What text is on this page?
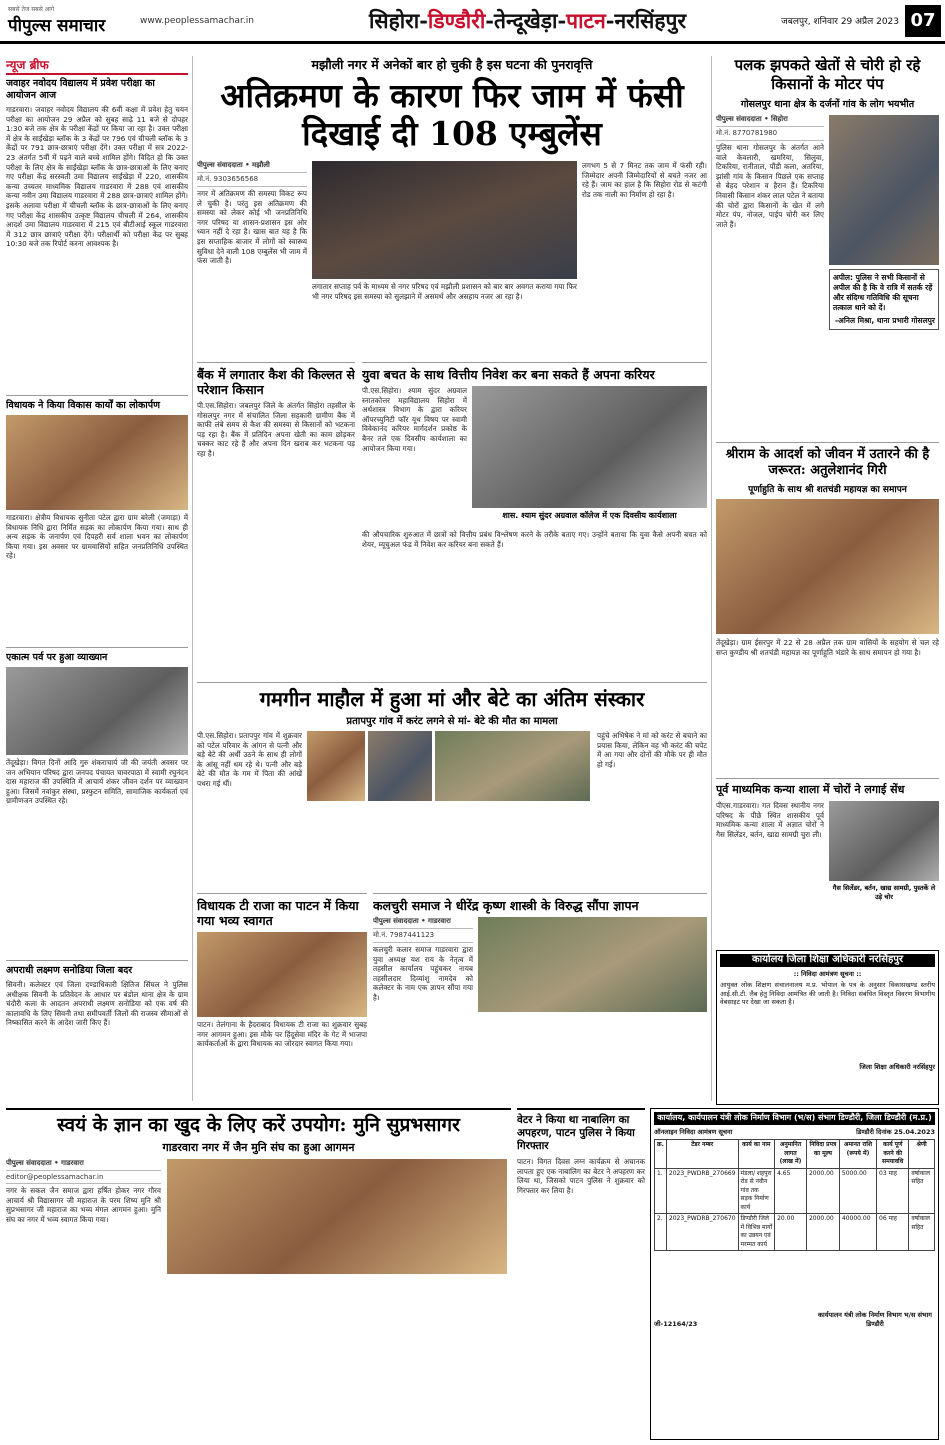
सबसे तेज सबसे आगे
पीपुल्स समाचार	www.peoplessamachar.in	सिहोरा-डिण्डौरी-तेन्दूखेड़ा-पाटन-नरसिंहपुर	जबलपुर, शनिवार 29 अप्रैल 2023 07
न्यूज ब्रीफ
जवाहर नवोदय विद्यालय में प्रवेश परीक्षा का आयोजन आज
गाडरवारा। जवाहर नवोदय विद्यालय की 6वीं कक्षा में प्रवेश हेतु चयन परीक्षा का आयोजन 29 अप्रैल को सुबह साढ़े 11 बजे से दोपहर 1:30 बजे तक क्षेत्र के परीक्षा केंद्रों पर किया जा रहा है। उक्त परीक्षा में क्षेत्र के साईंखेड़ा ब्लॉक के 3 केंद्रों पर 796 एवं चीचली ब्लॉक के 3 केंद्रों पर 791 छात्र-छात्राएं परीक्षा देंगे। उक्त परीक्षा में सत्र 2022-23 अंतर्गत 5वीं में पढ़ने वाले बच्चे शामिल होंगे। विदित हो कि उक्त परीक्षा के लिए क्षेत्र के साईंखेड़ा ब्लॉक के छात्र-छात्राओं के लिए बनाए गए परीक्षा केंद्र सरस्वती उमा विद्यालय साईंखेड़ा में 220, शासकीय कन्या उच्चतर माध्यमिक विद्यालय गाडरवारा में 288 एवं शासकीय कन्या नवीन उमा विद्यालय गाडरवारा में 288 छात्र-छात्राएं शामिल होंगे। इसके अलावा परीक्षा में चीचली ब्लॉक के छात्र-छात्राओं के लिए बनाए गए परीक्षा केंद्र शासकीय उत्कृष्ट विद्यालय चीचली में 264, शासकीय आदर्श उमा विद्यालय गाडरवारा में 215 एवं बीटीआई स्कूल गाडरवारा में 312 छात्र छात्राएं परीक्षा देंगे। परीक्षार्थी को परीक्षा केंद्र पर सुबह 10:30 बजे तक रिपोर्ट करना आवश्यक है।
विधायक ने किया विकास कार्यों का लोकार्पण
गाडरवारा। क्षेत्रीय विधायक सुनीता पटेल द्वारा ग्राम बरेली (जमाड़ा) में विधायक निधि द्वारा निर्मित सड़क का लोकार्पण किया गया। साथ ही अन्य सड़क के जनार्पण एवं दिपहरी सर्व शाला भवन का लोकार्पण किया गया। इस अवसर पर ग्रामवासियों सहित जनप्रतिनिधि उपस्थित रहे।
एकात्म पर्व पर हुआ व्याख्यान
तेंदूखेड़ा। विगत दिनों आदि गुरु शंकराचार्य जी की जयंती अवसर पर जन अभियान परिषद द्वारा जनपद पंचायत चावरपाठा में स्वामी रघुनंदन दास महाराज की उपस्थिति में आचार्य शंकर जीवन दर्शन पर व्याख्यान हुआ। जिसमें नवांकुर संस्था, प्रस्फुटन समिति, सामाजिक कार्यकर्ता एवं ग्रामीणजन उपस्थित रहे।
अपराधी लक्ष्मण सनोडिया जिला बदर
सिवनी। कलेक्टर एवं जिला दण्डाधिकारी क्षितिज सिंघल ने पुलिस अधीक्षक सिवनी के प्रतिवेदन के आधार पर बंडोल थाना क्षेत्र के ग्राम चंदौरी कला के आदतन अपराधी लक्ष्मण सनोडिया को एक वर्ष की कालावधि के लिए सिवनी तथा समीपवर्ती जिलों की राजस्व सीमाओं से निष्कासित करने के आदेश जारी किए हैं।
मझौली नगर में अनेकों बार हो चुकी है इस घटना की पुनरावृत्ति
अतिक्रमण के कारण फिर जाम में फंसी दिखाई दी 108 एम्बुलेंस
पीपुल्स संवाददाता • मझौली
मो.नं. 9303656568
नगर में अतिक्रमण की समस्या विकट रूप ले चुकी है। परंतु इस अतिक्रमण की समस्या को लेकर कोई भी जनप्रतिनिधि नगर परिषद या शासन-प्रशासन इस ओर ध्यान नहीं दे रहा है। खास बात यह है कि इस सप्ताहिक बाजार में लोगों को स्वास्थ्य सुविधा देने वाली 108 एम्बुलेंस भी जाम में फंस जाती है।
लगातार सप्ताह पर्व के माध्यम से नगर परिषद एवं मझौली प्रशासन को बार बार अवगत कराया गया फिर भी नगर परिषद इस समस्या को सुलझाने में असमर्थ और असहाय नजर आ रहा है।
लगभग 5 से 7 मिनट तक जाम में फंसी रही। जिम्मेदार अपनी जिम्मेदारियों से बचते नजर आ रहे हैं। जाम का हाल है कि सिहोरा रोड से कटंगी रोड तक नाली का निर्माण हो रहा है।
बैंक में लगातार कैश की किल्लत से परेशान किसान
पी.एस.सिहोरा। जबलपुर जिले के अंतर्गत सिहोरा तहसील के गोसलपुर नगर में संचालित जिला सहकारी ग्रामीण बैंक में काफी लंबे समय से कैश की समस्या से किसानों को भटकना पड़ रहा है। बैंक में प्रतिदिन अपना खेती का काम छोड़कर चक्कर काट रहे हैं और अपना दिन खराब कर भटकना पड़ रहा है।
युवा बचत के साथ वित्तीय निवेश कर बना सकते हैं अपना करियर
पी.एस.सिहोरा। श्याम सुंदर अग्रवाल स्नातकोत्तर महाविद्यालय सिहोरा में अर्थशास्त्र विभाग के द्वारा करियर ऑपरच्युनिटी फॉर यूथ विषय पर स्वामी विवेकानंद करियर मार्गदर्शन प्रकोष्ठ के बैनर तले एक दिवसीय कार्यशाला का आयोजन किया गया।
शास. श्याम सुंदर अग्रवाल कॉलेज में एक दिवसीय कार्यशाला
की औपचारिक शुरुआत में छात्रों को वित्तीय प्रबंध विश्लेषण करने के तरीके बताए गए। उन्होंने बताया कि युवा कैसे अपनी बचत को शेयर, म्यूचुअल फंड में निवेश कर करियर बना सकते हैं।
गमगीन माहौल में हुआ मां और बेटे का अंतिम संस्कार
प्रतापपुर गांव में करंट लगने से मां- बेटे की मौत का मामला
पी.एस.सिहोरा। प्रतापपुर गांव में शुक्रवार को पटेल परिवार के आंगन से पत्नी और बड़े बेटे की अर्थी उठने के साथ ही लोगों के आंसू नहीं थम रहे थे। पत्नी और बड़े बेटे की मौत के गम में पिता की आंखें पथरा गई थीं।
पहुंचे अभिषेक ने मां को करंट से बचाने का प्रयास किया, लेकिन वह भी करंट की चपेट में आ गया और दोनों की मौके पर ही मौत हो गई।
विधायक टी राजा का पाटन में किया गया भव्य स्वागत
पाटन। तेलंगाना के हैदराबाद विधायक टी राजा का शुक्रवार सुबह नगर आगमन हुआ। इस मौके पर हिंदूसेवा मंदिर के गेट में भाजपा कार्यकर्ताओं के द्वारा विधायक का जोरदार स्वागत किया गया।
कलचुरी समाज ने धीरेंद्र कृष्ण शास्त्री के विरुद्ध सौंपा ज्ञापन
पीपुल्स संवाददाता • गाडरवारा
मो.नं. 7987441123
कलचुरी कलार समाज गाडरवारा द्वारा युवा अध्यक्ष यश राय के नेतृत्व में तहसील कार्यालय पहुंचकर नायब तहसीलदार दिव्यांशु नामदेव को कलेक्टर के नाम एक ज्ञापन सौंपा गया है।
पलक झपकते खेतों से चोरी हो रहे किसानों के मोटर पंप
गोसलपुर थाना क्षेत्र के दर्जनों गांव के लोग भयभीत
पीपुल्स संवाददाता • सिहोरा
मो.नं. 8770781980
पुलिस थाना गोसलपुर के अंतर्गत आने वाले केवलारी, खमरिया, सिलुवा, टिकरिया, रानीताल, पौंडी कला, अतरिया, झांसी गांव के किसान पिछले एक सप्ताह से बेहद परेशान व हैरान हैं। टिकरिया निवासी किसान शंकर लाल पटेल ने बताया की चोरों द्वारा किसानों के खेत में लगे मोटर पंप, नोजल, पाईप चोरी कर लिए जाते हैं।
अपील: पुलिस ने सभी किसानों से अपील की है कि वे रात्रि में सतर्क रहें और संदिग्ध गतिविधि की सूचना तत्काल थाने को दें।
-अनिल मिश्रा, थाना प्रभारी गोसलपुर
श्रीराम के आदर्श को जीवन में उतारने की है जरूरत: अतुलेशानंद गिरी
पूर्णाहुति के साथ श्री शतचंडी महायज्ञ का समापन
तेंदूखेड़ा। ग्राम ईसरपुर में 22 से 28 अप्रैल तक ग्राम वासियों के सहयोग से चल रहे सप्त कुण्डीय श्री शतचंडी महायज्ञ का पूर्णाहुति भंडारे के साथ समापन हो गया है।
पूर्व माध्यमिक कन्या शाला में चोरों ने लगाई सेंध
पीएस.गाडरवारा। गत दिवस स्थानीय नगर परिषद के पीछे स्थित शासकीय पूर्व माध्यमिक कन्या शाला में अज्ञात चोरों ने गैस सिलेंडर, बर्तन, खाद्य सामग्री चुरा ली।
गैस सिलेंडर, बर्तन, खाद्य सामग्री, पुस्तकें ले उड़े चोर
कार्यालय जिला शिक्षा अधिकारी नरसिंहपुर
:: निविदा आमंत्रण सूचना ::
आयुक्त लोक शिक्षण संचालनालय म.प्र. भोपाल के पत्र के अनुसार विकासखण्ड स्तरीय आई.सी.टी. लैब हेतु निविदा आमंत्रित की जाती है। निविदा संबंधित विस्तृत विवरण विभागीय वेबसाइट पर देखा जा सकता है।
जिला शिक्षा अधिकारी नरसिंहपुर
स्वयं के ज्ञान का खुद के लिए करें उपयोग: मुनि सुप्रभसागर
गाडरवारा नगर में जैन मुनि संघ का हुआ आगमन
पीपुल्स संवाददाता • गाडरवारा
editor@peoplessamachar.in
नगर के सकल जैन समाज द्वारा हर्षित होकर नगर गौरव आचार्य श्री विद्यासागर जी महाराज के परम शिष्य मुनि श्री सुप्रभसागर जी महाराज का भव्य मंगल आगमन हुआ। मुनि संघ का नगर में भव्य स्वागत किया गया।
वेटर ने किया था नाबालिग का अपहरण, पाटन पुलिस ने किया गिरफ्तार
पाटन। विगत दिवस लग्न कार्यक्रम से अचानक लापता हुए एक नाबालिग का बेटर ने अपहरण कर लिया था, जिसको पाटन पुलिस ने शुक्रवार को गिरफ्तार कर लिया है।
कार्यालय, कार्यपालन यंत्री लोक निर्माण विभाग (भ/स) संभाग डिण्डौरी, जिला डिण्डौरी (म.प्र.)
ऑनलाइन निविदा आमंत्रण सूचना	डिण्डौरी दिनांक 25.04.2023
क्र.	टेंडर नम्बर	कार्य का नाम	अनुमानित लागत (लाख में)	निविदा प्रपत्र का मूल्य	अमानत राशि (रूपये में)	कार्य पूर्ण करने की समयावधि	श्रेणी
1.	2023_PWDRB_270669	मंडला/ शहपुरा रोड से नवीन गांव तक सड़क निर्माण कार्य	4.65	2000.00	5000.00	03 माह	वर्षाकाल सहित
2.	2023_PWDRB_270670	डिण्डौरी जिले में विभिन्न मार्गों का उन्नयन एवं मरम्मत कार्य	20.00	2000.00	40000.00	06 माह	वर्षाकाल सहित
जी-12164/23
कार्यपालन यंत्री लोक निर्माण विभाग भ/स संभाग डिण्डौरी
